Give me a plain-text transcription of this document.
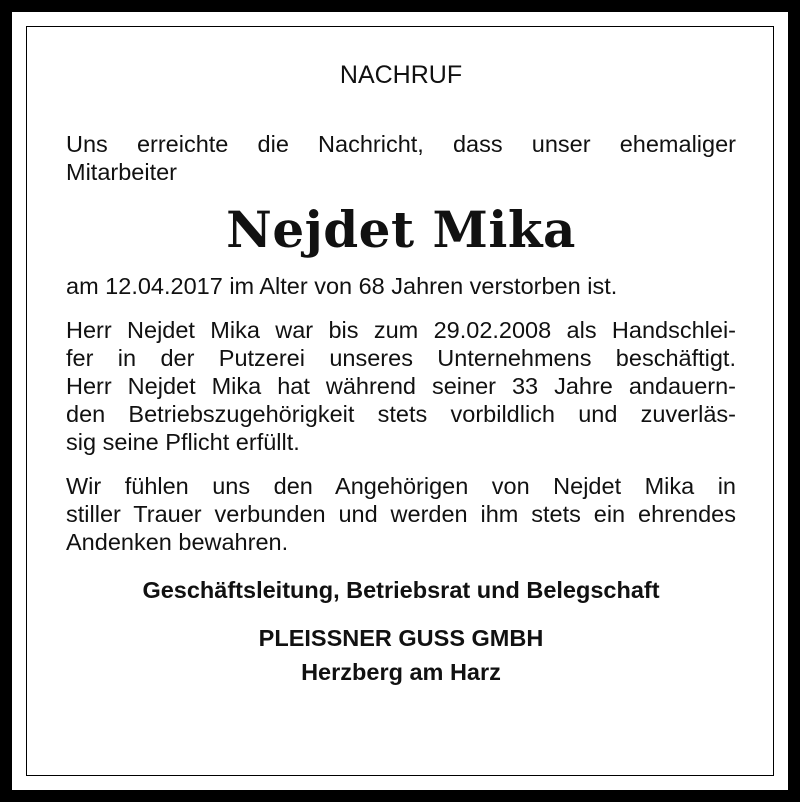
NACHRUF

Uns erreichte die Nachricht, dass unser ehemaliger
Mitarbeiter

Nejdet Mika

am 12.04.2017 im Alter von 68 Jahren verstorben ist.

Herr Nejdet Mika war bis zum 29.02.2008 als Handschlei-
fer in der Putzerei unseres Unternehmens beschäftigt.
Herr Nejdet Mika hat während seiner 33 Jahre andauern-
den Betriebszugehörigkeit stets vorbildlich und zuverläs-
sig seine Pflicht erfüllt.

Wir fühlen uns den Angehörigen von Nejdet Mika in
stiller Trauer verbunden und werden ihm stets ein ehrendes
Andenken bewahren.

Geschäftsleitung, Betriebsrat und Belegschaft
PLEISSNER GUSS GMBH
Herzberg am Harz
